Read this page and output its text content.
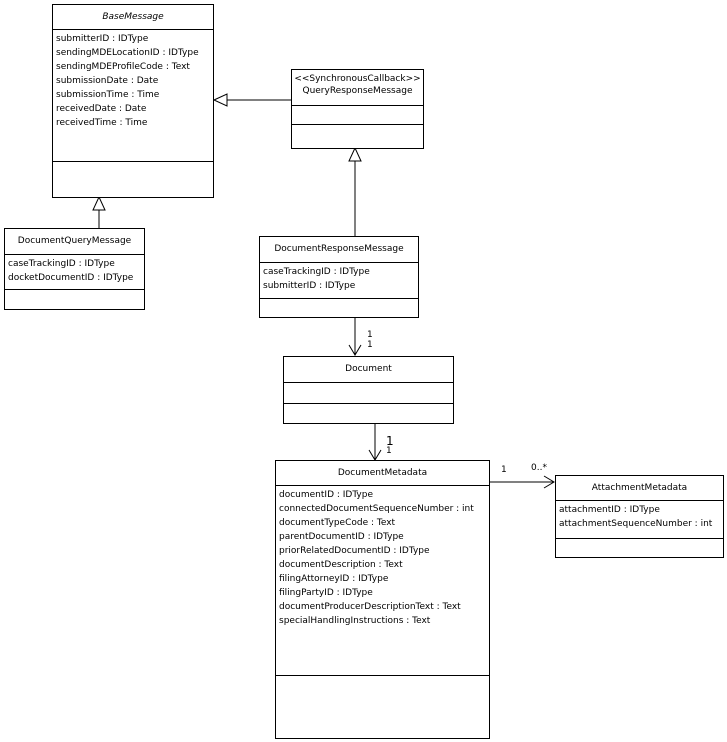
1
1
1
1
1	0..*
BaseMessage
submitterID : IDType
sendingMDELocationID : IDType
sendingMDEProfileCode : Text
submissionDate : Date
submissionTime : Time
receivedDate : Date
receivedTime : Time
<<SynchronousCallback>>
QueryResponseMessage
DocumentQueryMessage
caseTrackingID : IDType
docketDocumentID : IDType
DocumentResponseMessage
caseTrackingID : IDType
submitterID : IDType
Document
DocumentMetadata
documentID : IDType
connectedDocumentSequenceNumber : int
documentTypeCode : Text
parentDocumentID : IDType
priorRelatedDocumentID : IDType
documentDescription : Text
filingAttorneyID : IDType
filingPartyID : IDType
documentProducerDescriptionText : Text
specialHandlingInstructions : Text
AttachmentMetadata
attachmentID : IDType
attachmentSequenceNumber : int
